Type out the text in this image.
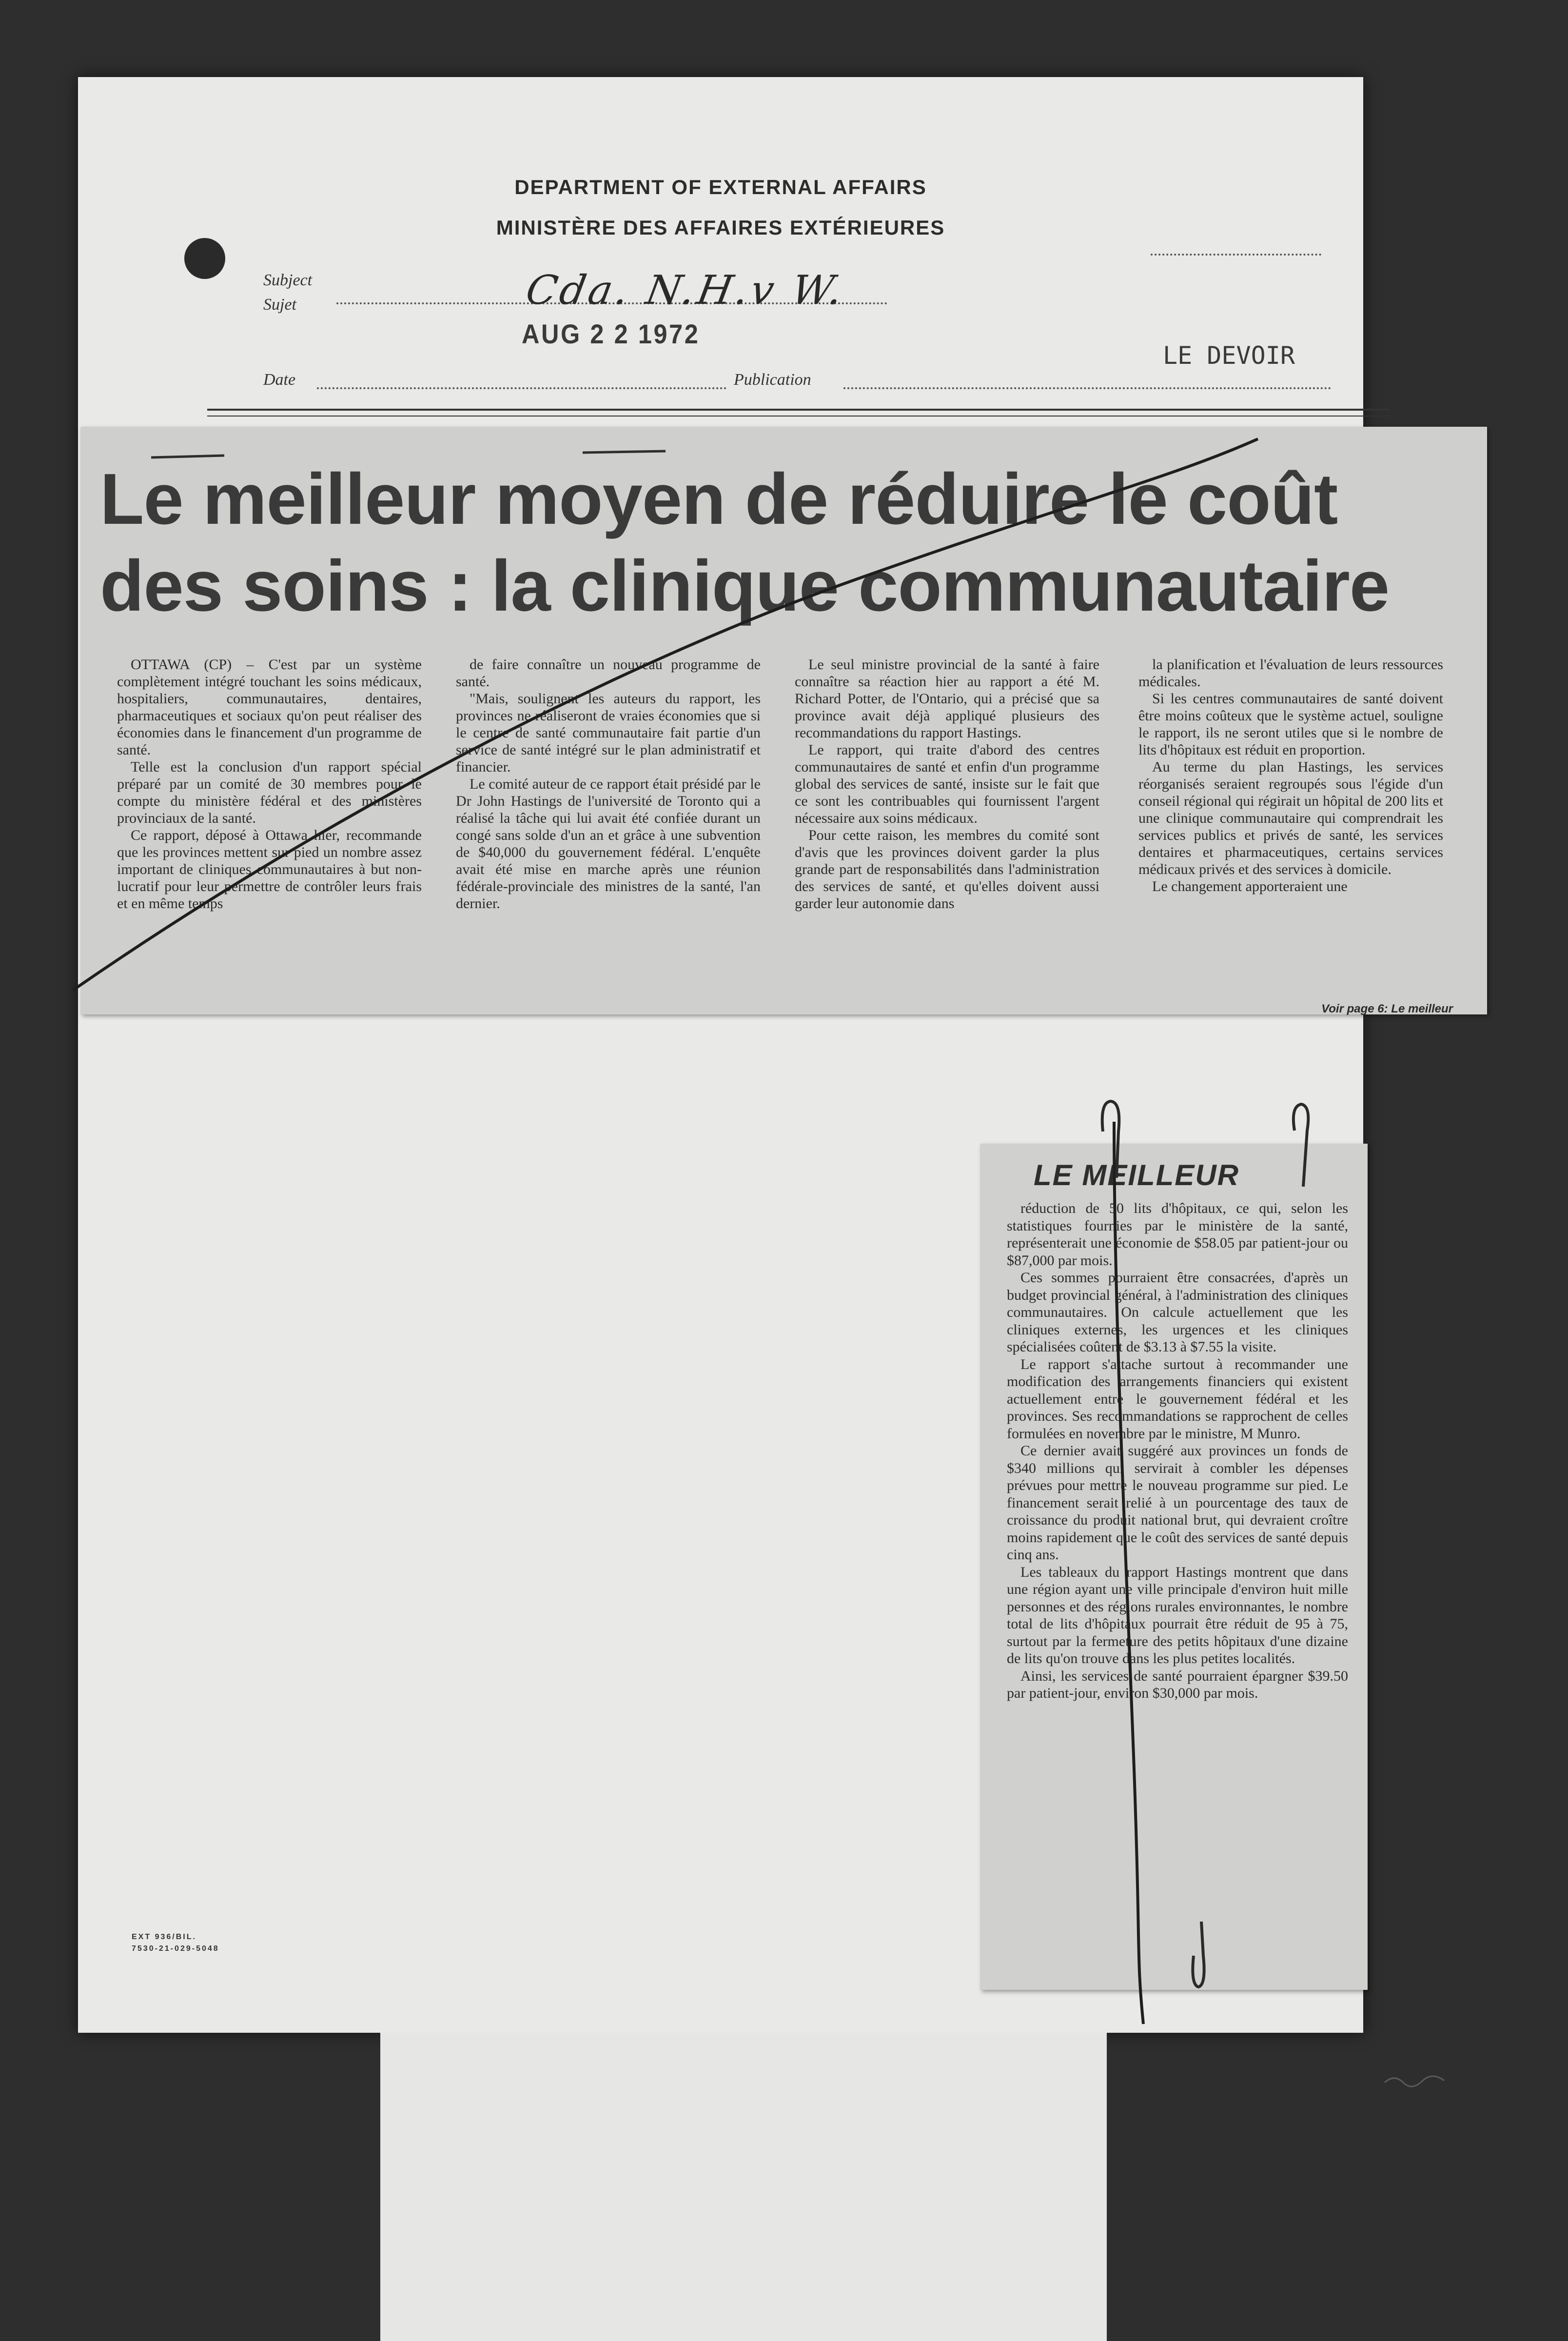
DEPARTMENT OF EXTERNAL AFFAIRS
MINISTÈRE DES AFFAIRES EXTÉRIEURES
Subject
Sujet
Date	Publication
Cda. N.H.v W.
AUG 2 2 1972
LE DEVOIR
Le meilleur moyen de réduire le coût
des soins : la clinique communautaire

OTTAWA (CP) – C'est par un système complètement intégré touchant les soins médicaux, hospitaliers, communautaires, dentaires, pharmaceutiques et sociaux qu'on peut réaliser des économies dans le financement d'un programme de santé.

Telle est la conclusion d'un rapport spécial préparé par un comité de 30 membres pour le compte du ministère fédéral et des ministères provinciaux de la santé.

Ce rapport, déposé à Ottawa hier, recommande que les provinces mettent sur pied un nombre assez important de cliniques communautaires à but non-lucratif pour leur permettre de contrôler leurs frais et en même temps

de faire connaître un nouveau programme de santé.

"Mais, soulignent les auteurs du rapport, les provinces ne réaliseront de vraies économies que si le centre de santé communautaire fait partie d'un service de santé intégré sur le plan administratif et financier.

Le comité auteur de ce rapport était présidé par le Dr John Hastings de l'université de Toronto qui a réalisé la tâche qui lui avait été confiée durant un congé sans solde d'un an et grâce à une subvention de $40,000 du gouvernement fédéral. L'enquête avait été mise en marche après une réunion fédérale-provinciale des ministres de la santé, l'an dernier.

Le seul ministre provincial de la santé à faire connaître sa réaction hier au rapport a été M. Richard Potter, de l'Ontario, qui a précisé que sa province avait déjà appliqué plusieurs des recommandations du rapport Hastings.

Le rapport, qui traite d'abord des centres communautaires de santé et enfin d'un programme global des services de santé, insiste sur le fait que ce sont les contribuables qui fournissent l'argent nécessaire aux soins médicaux.

Pour cette raison, les membres du comité sont d'avis que les provinces doivent garder la plus grande part de responsabilités dans l'administration des services de santé, et qu'elles doivent aussi garder leur autonomie dans

la planification et l'évaluation de leurs ressources médicales.

Si les centres communautaires de santé doivent être moins coûteux que le système actuel, souligne le rapport, ils ne seront utiles que si le nombre de lits d'hôpitaux est réduit en proportion.

Au terme du plan Hastings, les services réorganisés seraient regroupés sous l'égide d'un conseil régional qui régirait un hôpital de 200 lits et une clinique communautaire qui comprendrait les services publics et privés de santé, les services dentaires et pharmaceutiques, certains services médicaux privés et des services à domicile.

Le changement apporteraient une

Voir page 6: Le meilleur
LE MEILLEUR

réduction de 50 lits d'hôpitaux, ce qui, selon les statistiques fournies par le ministère de la santé, représenterait une économie de $58.05 par patient-jour ou $87,000 par mois.

Ces sommes pourraient être consacrées, d'après un budget provincial général, à l'administration des cliniques communautaires. On calcule actuellement que les cliniques externes, les urgences et les cliniques spécialisées coûtent de $3.13 à $7.55 la visite.

Le rapport s'attache surtout à recommander une modification des arrangements financiers qui existent actuellement entre le gouvernement fédéral et les provinces. Ses recommandations se rapprochent de celles formulées en novembre par le ministre, M Munro.

Ce dernier avait suggéré aux provinces un fonds de $340 millions qui servirait à combler les dépenses prévues pour mettre le nouveau programme sur pied. Le financement serait relié à un pourcentage des taux de croissance du produit national brut, qui devraient croître moins rapidement que le coût des services de santé depuis cinq ans.

Les tableaux du rapport Hastings montrent que dans une région ayant une ville principale d'environ huit mille personnes et des régions rurales environnantes, le nombre total de lits d'hôpitaux pourrait être réduit de 95 à 75, surtout par la fermeture des petits hôpitaux d'une dizaine de lits qu'on trouve dans les plus petites localités.

Ainsi, les services de santé pourraient épargner $39.50 par patient-jour, environ $30,000 par mois.

EXT 936/BIL.
7530-21-029-5048
